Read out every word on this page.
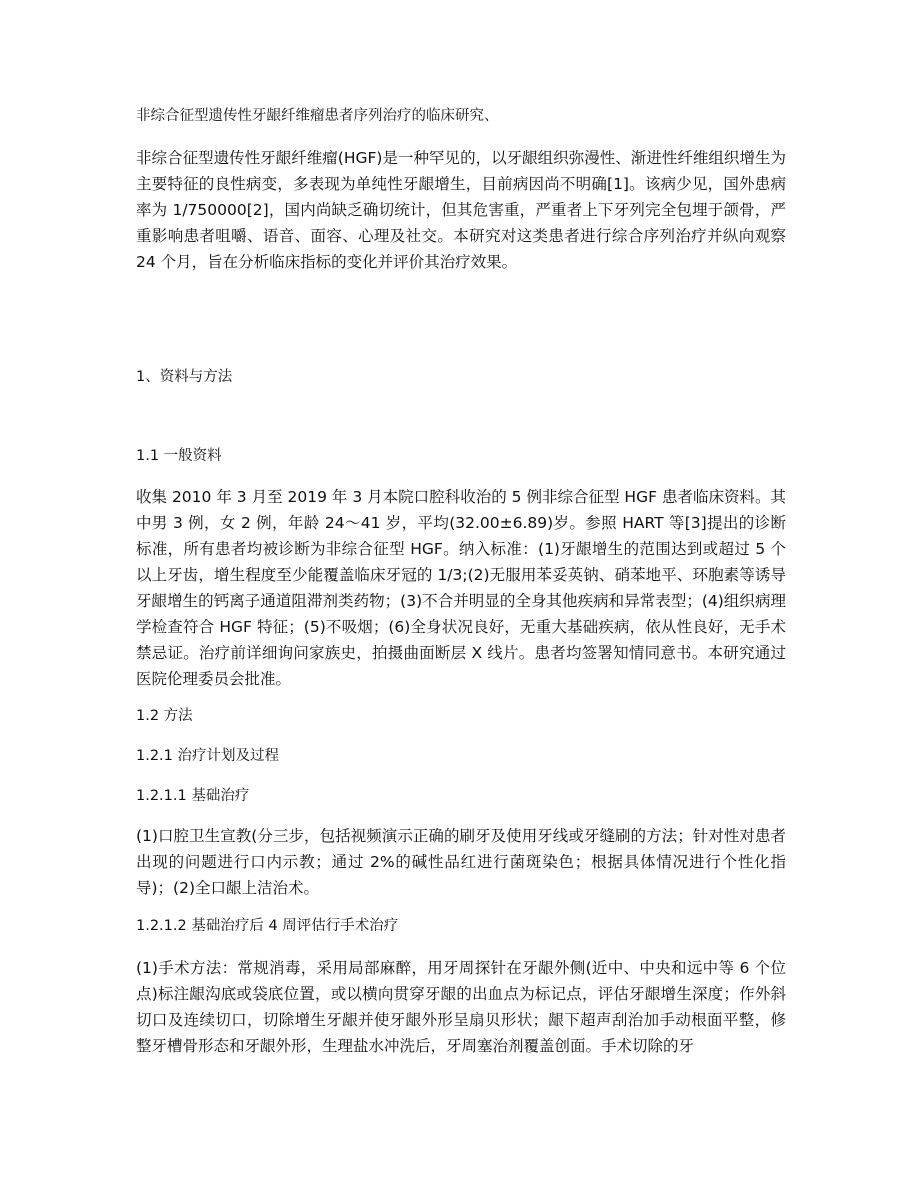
非综合征型遗传性牙龈纤维瘤患者序列治疗的临床研究、

非综合征型遗传性牙龈纤维瘤(HGF)是一种罕见的，以牙龈组织弥漫性、渐进性纤维组织增生为主要特征的良性病变，多表现为单纯性牙龈增生，目前病因尚不明确[1]。该病少见，国外患病率为 1/750000[2]，国内尚缺乏确切统计，但其危害重，严重者上下牙列完全包埋于颌骨，严重影响患者咀嚼、语音、面容、心理及社交。本研究对这类患者进行综合序列治疗并纵向观察 24 个月，旨在分析临床指标的变化并评价其治疗效果。

1、资料与方法

1.1 一般资料

收集 2010 年 3 月至 2019 年 3 月本院口腔科收治的 5 例非综合征型 HGF 患者临床资料。其中男 3 例，女 2 例，年龄 24～41 岁，平均(32.00±6.89)岁。参照 HART 等[3]提出的诊断标准，所有患者均被诊断为非综合征型 HGF。纳入标准：(1)牙龈增生的范围达到或超过 5 个以上牙齿，增生程度至少能覆盖临床牙冠的 1/3;(2)无服用苯妥英钠、硝苯地平、环胞素等诱导牙龈增生的钙离子通道阻滞剂类药物；(3)不合并明显的全身其他疾病和异常表型；(4)组织病理学检查符合 HGF 特征；(5)不吸烟；(6)全身状况良好，无重大基础疾病，依从性良好，无手术禁忌证。治疗前详细询问家族史，拍摄曲面断层 X 线片。患者均签署知情同意书。本研究通过医院伦理委员会批准。

1.2 方法

1.2.1 治疗计划及过程

1.2.1.1 基础治疗

(1)口腔卫生宣教(分三步，包括视频演示正确的刷牙及使用牙线或牙缝刷的方法；针对性对患者出现的问题进行口内示教；通过 2%的碱性品红进行菌斑染色；根据具体情况进行个性化指导)；(2)全口龈上洁治术。

1.2.1.2 基础治疗后 4 周评估行手术治疗

(1)手术方法：常规消毒，采用局部麻醉，用牙周探针在牙龈外侧(近中、中央和远中等 6 个位点)标注龈沟底或袋底位置，或以横向贯穿牙龈的出血点为标记点，评估牙龈增生深度；作外斜切口及连续切口，切除增生牙龈并使牙龈外形呈扇贝形状；龈下超声刮治加手动根面平整，修整牙槽骨形态和牙龈外形，生理盐水冲洗后，牙周塞治剂覆盖创面。手术切除的牙
